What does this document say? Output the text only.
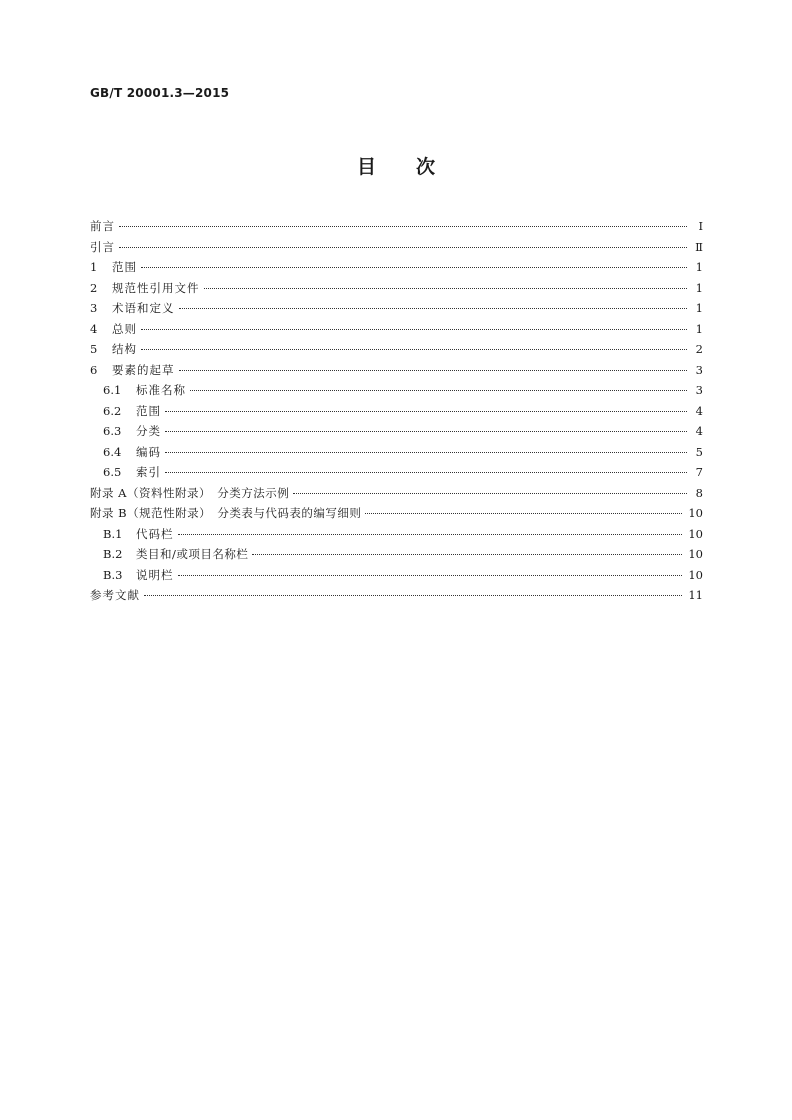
GB/T 20001.3—2015
目次
前言	Ⅰ
引言	Ⅱ
1	范围	1
2	规范性引用文件	1
3	术语和定义	1
4	总则	1
5	结构	2
6	要素的起草	3
6.1	标准名称	3
6.2	范围	4
6.3	分类	4
6.4	编码	5
6.5	索引	7
附录 A（资料性附录）　分类方法示例	8
附录 B（规范性附录）　分类表与代码表的编写细则	10
B.1	代码栏	10
B.2	类目和/或项目名称栏	10
B.3	说明栏	10
参考文献	11
